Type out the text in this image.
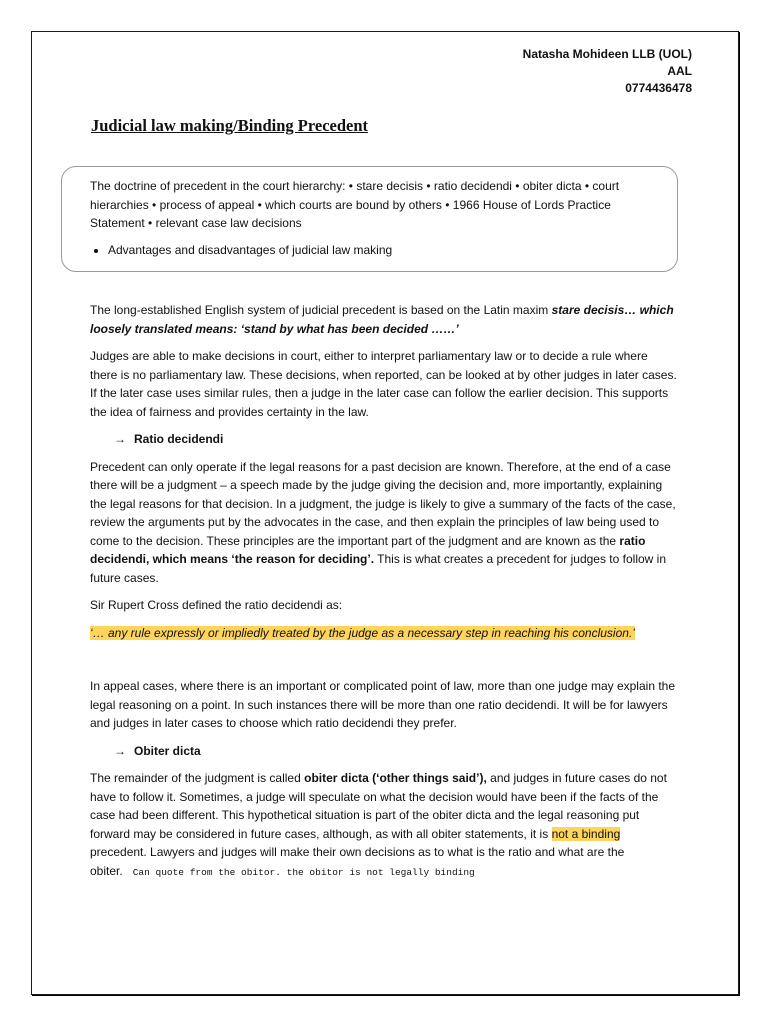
Natasha Mohideen LLB (UOL)
AAL
0774436478
Judicial law making/Binding Precedent

The doctrine of precedent in the court hierarchy: • stare decisis • ratio decidendi • obiter dicta • court hierarchies • process of appeal • which courts are bound by others • 1966 House of Lords Practice Statement • relevant case law decisions

• Advantages and disadvantages of judicial law making

The long-established English system of judicial precedent is based on the Latin maxim stare decisis… which loosely translated means: ‘stand by what has been decided ……’

Judges are able to make decisions in court, either to interpret parliamentary law or to decide a rule where there is no parliamentary law. These decisions, when reported, can be looked at by other judges in later cases. If the later case uses similar rules, then a judge in the later case can follow the earlier decision. This supports the idea of fairness and provides certainty in the law.

→ Ratio decidendi

Precedent can only operate if the legal reasons for a past decision are known. Therefore, at the end of a case there will be a judgment – a speech made by the judge giving the decision and, more importantly, explaining the legal reasons for that decision. In a judgment, the judge is likely to give a summary of the facts of the case, review the arguments put by the advocates in the case, and then explain the principles of law being used to come to the decision. These principles are the important part of the judgment and are known as the ratio decidendi, which means ‘the reason for deciding’. This is what creates a precedent for judges to follow in future cases.

Sir Rupert Cross defined the ratio decidendi as:

‘… any rule expressly or impliedly treated by the judge as a necessary step in reaching his conclusion.’

In appeal cases, where there is an important or complicated point of law, more than one judge may explain the legal reasoning on a point. In such instances there will be more than one ratio decidendi. It will be for lawyers and judges in later cases to choose which ratio decidendi they prefer.

→ Obiter dicta

The remainder of the judgment is called obiter dicta (‘other things said’), and judges in future cases do not have to follow it. Sometimes, a judge will speculate on what the decision would have been if the facts of the case had been different. This hypothetical situation is part of the obiter dicta and the legal reasoning put forward may be considered in future cases, although, as with all obiter statements, it is not a binding precedent. Lawyers and judges will make their own decisions as to what is the ratio and what are the obiter. Can quote from the obitor. the obitor is not legally binding
